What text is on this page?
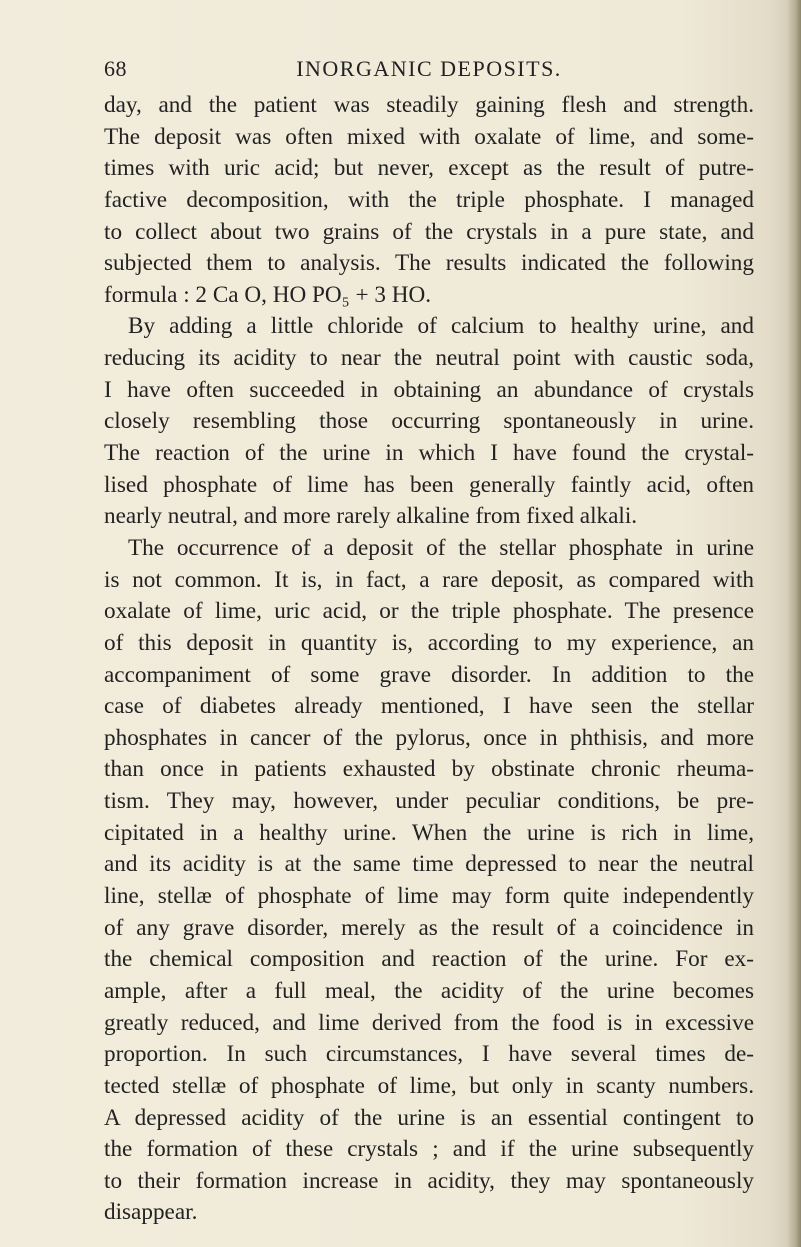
68	INORGANIC DEPOSITS.
day, and the patient was steadily gaining flesh and strength.
The deposit was often mixed with oxalate of lime, and some-
times with uric acid; but never, except as the result of putre-
factive decomposition, with the triple phosphate. I managed
to collect about two grains of the crystals in a pure state, and
subjected them to analysis. The results indicated the following
formula : 2 Ca O, HO PO₅ + 3 HO.
By adding a little chloride of calcium to healthy urine, and
reducing its acidity to near the neutral point with caustic soda,
I have often succeeded in obtaining an abundance of crystals
closely resembling those occurring spontaneously in urine.
The reaction of the urine in which I have found the crystal-
lised phosphate of lime has been generally faintly acid, often
nearly neutral, and more rarely alkaline from fixed alkali.
The occurrence of a deposit of the stellar phosphate in urine
is not common. It is, in fact, a rare deposit, as compared with
oxalate of lime, uric acid, or the triple phosphate. The presence
of this deposit in quantity is, according to my experience, an
accompaniment of some grave disorder. In addition to the
case of diabetes already mentioned, I have seen the stellar
phosphates in cancer of the pylorus, once in phthisis, and more
than once in patients exhausted by obstinate chronic rheuma-
tism. They may, however, under peculiar conditions, be pre-
cipitated in a healthy urine. When the urine is rich in lime,
and its acidity is at the same time depressed to near the neutral
line, stellæ of phosphate of lime may form quite independently
of any grave disorder, merely as the result of a coincidence in
the chemical composition and reaction of the urine. For ex-
ample, after a full meal, the acidity of the urine becomes
greatly reduced, and lime derived from the food is in excessive
proportion. In such circumstances, I have several times de-
tected stellæ of phosphate of lime, but only in scanty numbers.
A depressed acidity of the urine is an essential contingent to
the formation of these crystals ; and if the urine subsequently
to their formation increase in acidity, they may spontaneously
disappear.
